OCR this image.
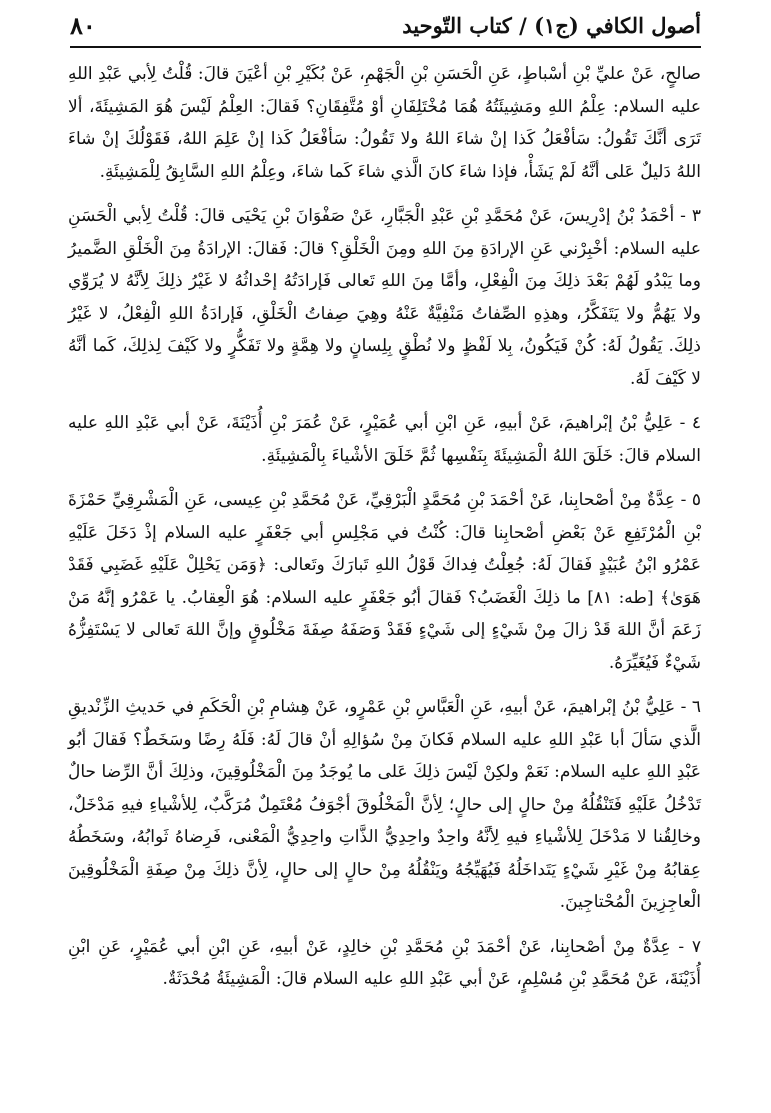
أصول الكافي (ج١) / كتاب التّوحيد
٨٠

صالحٍ، عَنْ عليِّ بْنِ أسْباطٍ، عَنِ الْحَسَنِ بْنِ الْجَهْمِ، عَنْ بُكَيْرِ بْنِ أعْيَنَ قالَ: قُلْتُ لِأبي عَبْدِ اللهِ عليه السلام: عِلْمُ اللهِ ومَشِيئَتُهُ هُمَا مُخْتَلِفَانِ أوْ مُتَّفِقَانِ؟ فَقالَ: العِلْمُ لَيْسَ هُوَ المَشِيئَةَ، ألا تَرَى أنَّكَ تَقُولُ: سَأفْعَلُ كَذا إنْ شاءَ اللهُ ولا تَقُولُ: سَأفْعَلُ كَذا إنْ عَلِمَ اللهُ، فَقَوْلُكَ إنْ شاءَ اللهُ دَليلٌ عَلى أنَّهُ لَمْ يَشَأْ، فإذا شاءَ كانَ الَّذي شاءَ كَما شاءَ، وعِلْمُ اللهِ السَّابِقُ لِلْمَشِيئَةِ.

٣ - أحْمَدُ بْنُ إدْرِيسَ، عَنْ مُحَمَّدِ بْنِ عَبْدِ الْجَبَّارِ، عَنْ صَفْوَانَ بْنِ يَحْيَى قالَ: قُلْتُ لِأبي الْحَسَنِ عليه السلام: أخْبِرْني عَنِ الإرادَةِ مِنَ اللهِ ومِنَ الْخَلْقِ؟ قالَ: فَقالَ: الإرادَةُ مِنَ الْخَلْقِ الضَّميرُ وما يَبْدُو لَهُمْ بَعْدَ ذلِكَ مِنَ الْفِعْلِ، وأمَّا مِنَ اللهِ تَعالى فَإرادَتُهُ إحْداثُهُ لا غَيْرُ ذلِكَ لِأنَّهُ لا يُرَوِّي ولا يَهُمُّ ولا يَتَفَكَّرُ، وهذِهِ الصِّفاتُ مَنْفِيَّةٌ عَنْهُ وهِيَ صِفاتُ الْخَلْقِ، فَإرادَةُ اللهِ الْفِعْلُ، لا غَيْرُ ذلِكَ. يَقُولُ لَهُ: كُنْ فَيَكُونُ، بِلا لَفْظٍ ولا نُطْقٍ بِلِسانٍ ولا هِمَّةٍ ولا تَفَكُّرٍ ولا كَيْفَ لِذلِكَ، كَما أنَّهُ لا كَيْفَ لَهُ.

٤ - عَلِيُّ بْنُ إبْراهيمَ، عَنْ أبيهِ، عَنِ ابْنِ أبي عُمَيْرٍ، عَنْ عُمَرَ بْنِ أُذَيْنَةَ، عَنْ أبي عَبْدِ اللهِ عليه السلام قالَ: خَلَقَ اللهُ الْمَشِيئَةَ بِنَفْسِها ثُمَّ خَلَقَ الأشْياءَ بِالْمَشِيئَةِ.

٥ - عِدَّةٌ مِنْ أصْحابِنا، عَنْ أحْمَدَ بْنِ مُحَمَّدٍ الْبَرْقِيِّ، عَنْ مُحَمَّدِ بْنِ عِيسى، عَنِ الْمَشْرِقِيِّ حَمْزَةَ بْنِ الْمُرْتَفِعِ عَنْ بَعْضِ أصْحابِنا قالَ: كُنْتُ في مَجْلِسِ أبي جَعْفَرٍ عليه السلام إذْ دَخَلَ عَلَيْهِ عَمْرُو ابْنُ عُبَيْدٍ فَقالَ لَهُ: جُعِلْتُ فِداكَ قَوْلُ اللهِ تَبارَكَ وتَعالى: ﴿وَمَن يَحْلِلْ عَلَيْهِ غَضَبِي فَقَدْ هَوَىٰ﴾ [طه: ٨١] ما ذلِكَ الْغَضَبُ؟ فَقالَ أبُو جَعْفَرٍ عليه السلام: هُوَ الْعِقابُ. يا عَمْرُو إنَّهُ مَنْ زَعَمَ أنَّ اللهَ قَدْ زالَ مِنْ شَيْءٍ إلى شَيْءٍ فَقَدْ وَصَفَهُ صِفَةَ مَخْلُوقٍ وإنَّ اللهَ تَعالى لا يَسْتَفِزُّهُ شَيْءٌ فَيُغَيِّرَهُ.

٦ - عَلِيُّ بْنُ إبْراهيمَ، عَنْ أبيهِ، عَنِ الْعَبَّاسِ بْنِ عَمْرٍو، عَنْ هِشامِ بْنِ الْحَكَمِ في حَديثِ الزِّنْديقِ الَّذي سَألَ أبا عَبْدِ اللهِ عليه السلام فَكانَ مِنْ سُؤالِهِ أنْ قالَ لَهُ: فَلَهُ رِضًا وسَخَطٌ؟ فَقالَ أبُو عَبْدِ اللهِ عليه السلام: نَعَمْ ولكِنْ لَيْسَ ذلِكَ عَلى ما يُوجَدُ مِنَ الْمَخْلُوقِينَ، وذلِكَ أنَّ الرِّضا حالٌ تَدْخُلُ عَلَيْهِ فَتَنْقُلُهُ مِنْ حالٍ إلى حالٍ؛ لِأنَّ الْمَخْلُوقَ أجْوَفُ مُعْتَمِلٌ مُرَكَّبٌ، لِلأشْياءِ فيهِ مَدْخَلٌ، وخالِقُنا لا مَدْخَلَ لِلأشْياءِ فيهِ لِأنَّهُ واحِدٌ واحِدِيُّ الذَّاتِ واحِدِيُّ الْمَعْنى، فَرِضاهُ ثَوابُهُ، وسَخَطُهُ عِقابُهُ مِنْ غَيْرِ شَيْءٍ يَتَداخَلُهُ فَيُهَيِّجُهُ ويَنْقُلُهُ مِنْ حالٍ إلى حالٍ، لِأنَّ ذلِكَ مِنْ صِفَةِ الْمَخْلُوقِينَ الْعاجِزِينَ الْمُحْتاجِينَ.

٧ - عِدَّةٌ مِنْ أصْحابِنا، عَنْ أحْمَدَ بْنِ مُحَمَّدِ بْنِ خالِدٍ، عَنْ أبيهِ، عَنِ ابْنِ أبي عُمَيْرٍ، عَنِ ابْنِ أُذَيْنَةَ، عَنْ مُحَمَّدِ بْنِ مُسْلِمٍ، عَنْ أبي عَبْدِ اللهِ عليه السلام قالَ: الْمَشِيئَةُ مُحْدَثَةٌ.
